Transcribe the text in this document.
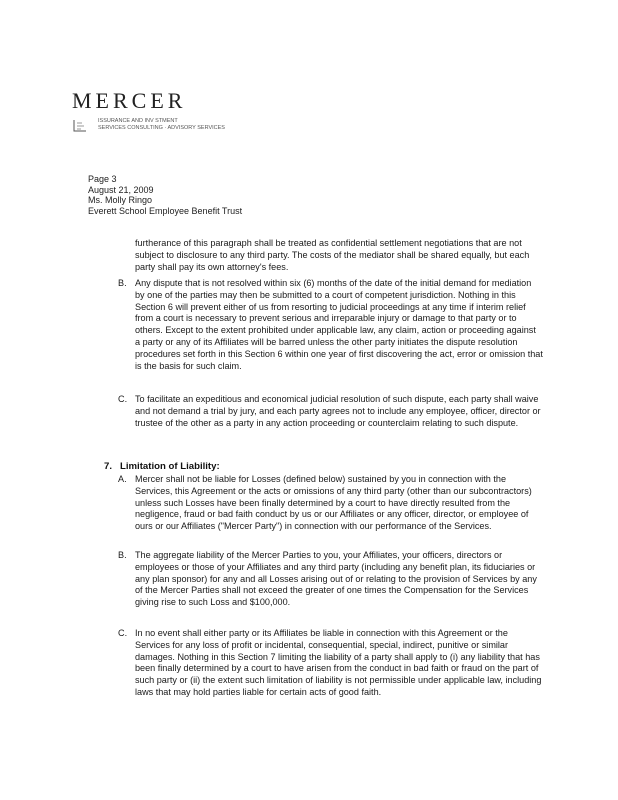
MERCER
ISSURANCE AND INV STMENT
SERVICES CONSULTING · ADVISORY SERVICES
Page 3
August 21, 2009
Ms. Molly Ringo
Everett School Employee Benefit Trust
furtherance of this paragraph shall be treated as confidential settlement negotiations that are not subject to disclosure to any third party. The costs of the mediator shall be shared equally, but each party shall pay its own attorney's fees.
B. Any dispute that is not resolved within six (6) months of the date of the initial demand for mediation by one of the parties may then be submitted to a court of competent jurisdiction. Nothing in this Section 6 will prevent either of us from resorting to judicial proceedings at any time if interim relief from a court is necessary to prevent serious and irreparable injury or damage to that party or to others. Except to the extent prohibited under applicable law, any claim, action or proceeding against a party or any of its Affiliates will be barred unless the other party initiates the dispute resolution procedures set forth in this Section 6 within one year of first discovering the act, error or omission that is the basis for such claim.
C. To facilitate an expeditious and economical judicial resolution of such dispute, each party shall waive and not demand a trial by jury, and each party agrees not to include any employee, officer, director or trustee of the other as a party in any action proceeding or counterclaim relating to such dispute.
7. Limitation of Liability:
A. Mercer shall not be liable for Losses (defined below) sustained by you in connection with the Services, this Agreement or the acts or omissions of any third party (other than our subcontractors) unless such Losses have been finally determined by a court to have directly resulted from the negligence, fraud or bad faith conduct by us or our Affiliates or any officer, director, or employee of ours or our Affiliates ("Mercer Party") in connection with our performance of the Services.
B. The aggregate liability of the Mercer Parties to you, your Affiliates, your officers, directors or employees or those of your Affiliates and any third party (including any benefit plan, its fiduciaries or any plan sponsor) for any and all Losses arising out of or relating to the provision of Services by any of the Mercer Parties shall not exceed the greater of one times the Compensation for the Services giving rise to such Loss and $100,000.
C. In no event shall either party or its Affiliates be liable in connection with this Agreement or the Services for any loss of profit or incidental, consequential, special, indirect, punitive or similar damages. Nothing in this Section 7 limiting the liability of a party shall apply to (i) any liability that has been finally determined by a court to have arisen from the conduct in bad faith or fraud on the part of such party or (ii) the extent such limitation of liability is not permissible under applicable law, including laws that may hold parties liable for certain acts of good faith.
